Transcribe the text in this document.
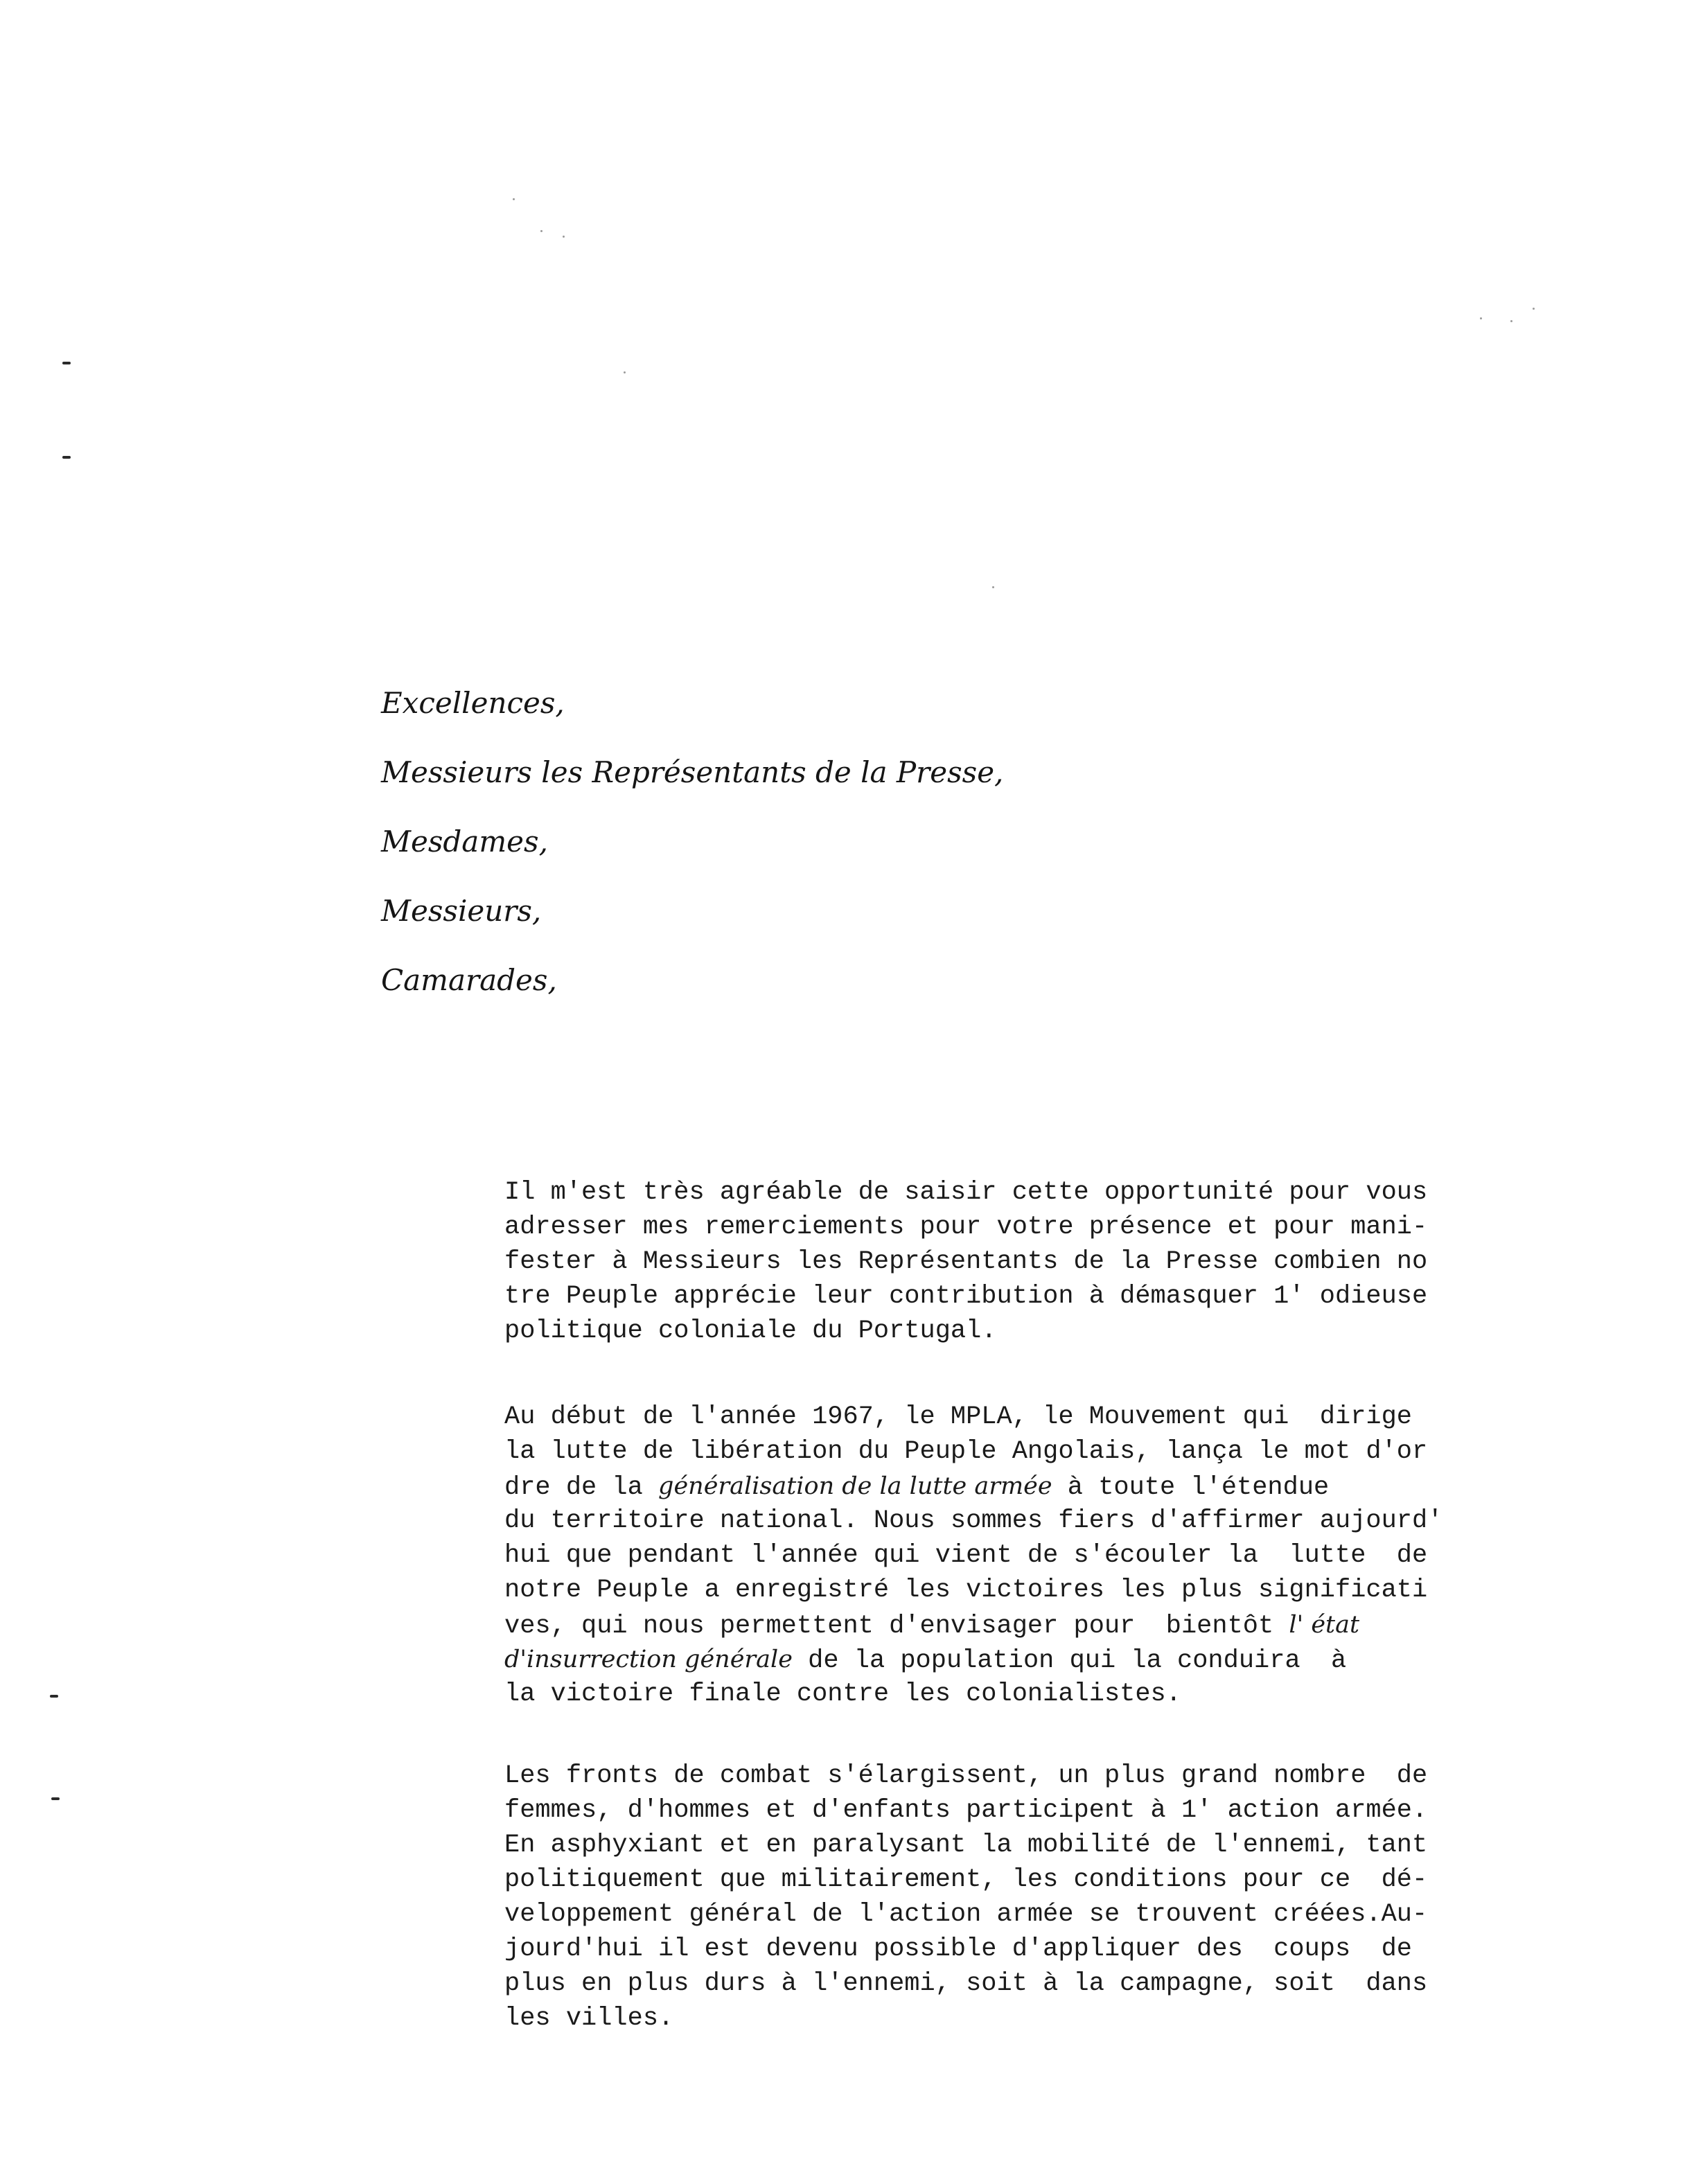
Excellences,
Messieurs les Représentants de la Presse,
Mesdames,
Messieurs,
Camarades,
Il m'est très agréable de saisir cette opportunité pour vous
adresser mes remerciements pour votre présence et pour mani-
fester à Messieurs les Représentants de la Presse combien no
tre Peuple apprécie leur contribution à démasquer 1' odieuse
politique coloniale du Portugal.
Au début de l'année 1967, le MPLA, le Mouvement qui  dirige
la lutte de libération du Peuple Angolais, lança le mot d'or
dre de la généralisation de la lutte armée à toute l'étendue
du territoire national. Nous sommes fiers d'affirmer aujourd'
hui que pendant l'année qui vient de s'écouler la  lutte  de
notre Peuple a enregistré les victoires les plus significati
ves, qui nous permettent d'envisager pour  bientôt l' état
d'insurrection générale de la population qui la conduira  à
la victoire finale contre les colonialistes.
Les fronts de combat s'élargissent, un plus grand nombre  de
femmes, d'hommes et d'enfants participent à 1' action armée.
En asphyxiant et en paralysant la mobilité de l'ennemi, tant
politiquement que militairement, les conditions pour ce  dé-
veloppement général de l'action armée se trouvent créées.Au-
jourd'hui il est devenu possible d'appliquer des  coups  de
plus en plus durs à l'ennemi, soit à la campagne, soit  dans
les villes.
